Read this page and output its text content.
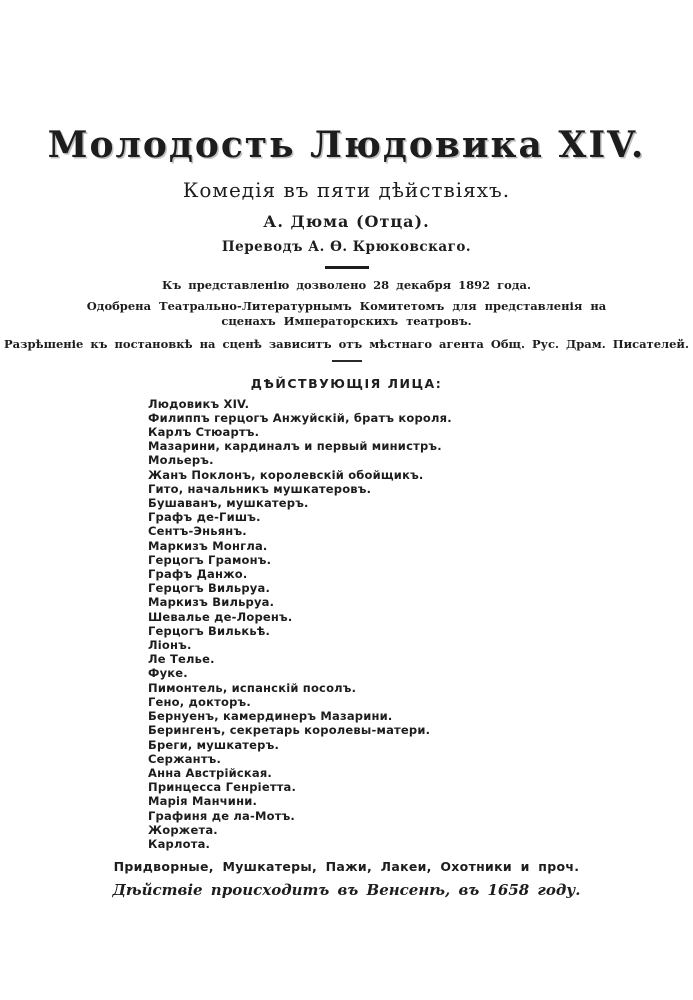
Молодость Людовика XIV.
Комедія въ пяти дѣйствіяхъ.
А. Дюма (Отца).
Переводъ А. Ѳ. Крюковскаго.
Къ представленію дозволено 28 декабря 1892 года.
Одобрена Театрально-Литературнымъ Комитетомъ для представленія на сценахъ Императорскихъ театровъ.
Разрѣшеніе къ постановкѣ на сценѣ зависитъ отъ мѣстнаго агента Общ. Рус. Драм. Писателей.
ДѢЙСТВУЮЩІЯ ЛИЦА:
Людовикъ XIV.
Филиппъ герцогъ Анжуйскій, братъ короля.
Карлъ Стюартъ.
Мазарини, кардиналъ и первый министръ.
Мольеръ.
Жанъ Поклонъ, королевскій обойщикъ.
Гито, начальникъ мушкатеровъ.
Бушаванъ, мушкатеръ.
Графъ де-Гишъ.
Сентъ-Эньянъ.
Маркизъ Монгла.
Герцогъ Грамонъ.
Графъ Данжо.
Герцогъ Вильруа.
Маркизъ Вильруа.
Шевалье де-Лоренъ.
Герцогъ Вилькьѣ.
Ліонъ.
Ле Телье.
Фуке.
Пимонтель, испанскій посолъ.
Гено, докторъ.
Бернуенъ, камердинеръ Мазарини.
Берингенъ, секретарь королевы-матери.
Бреги, мушкатеръ.
Сержантъ.
Анна Австрійская.
Принцесса Генріетта.
Марія Манчини.
Графиня де ла-Мотъ.
Жоржета.
Карлота.
Придворные, Мушкатеры, Пажи, Лакеи, Охотники и проч.
Дѣйствіе происходитъ въ Венсенѣ, въ 1658 году.
